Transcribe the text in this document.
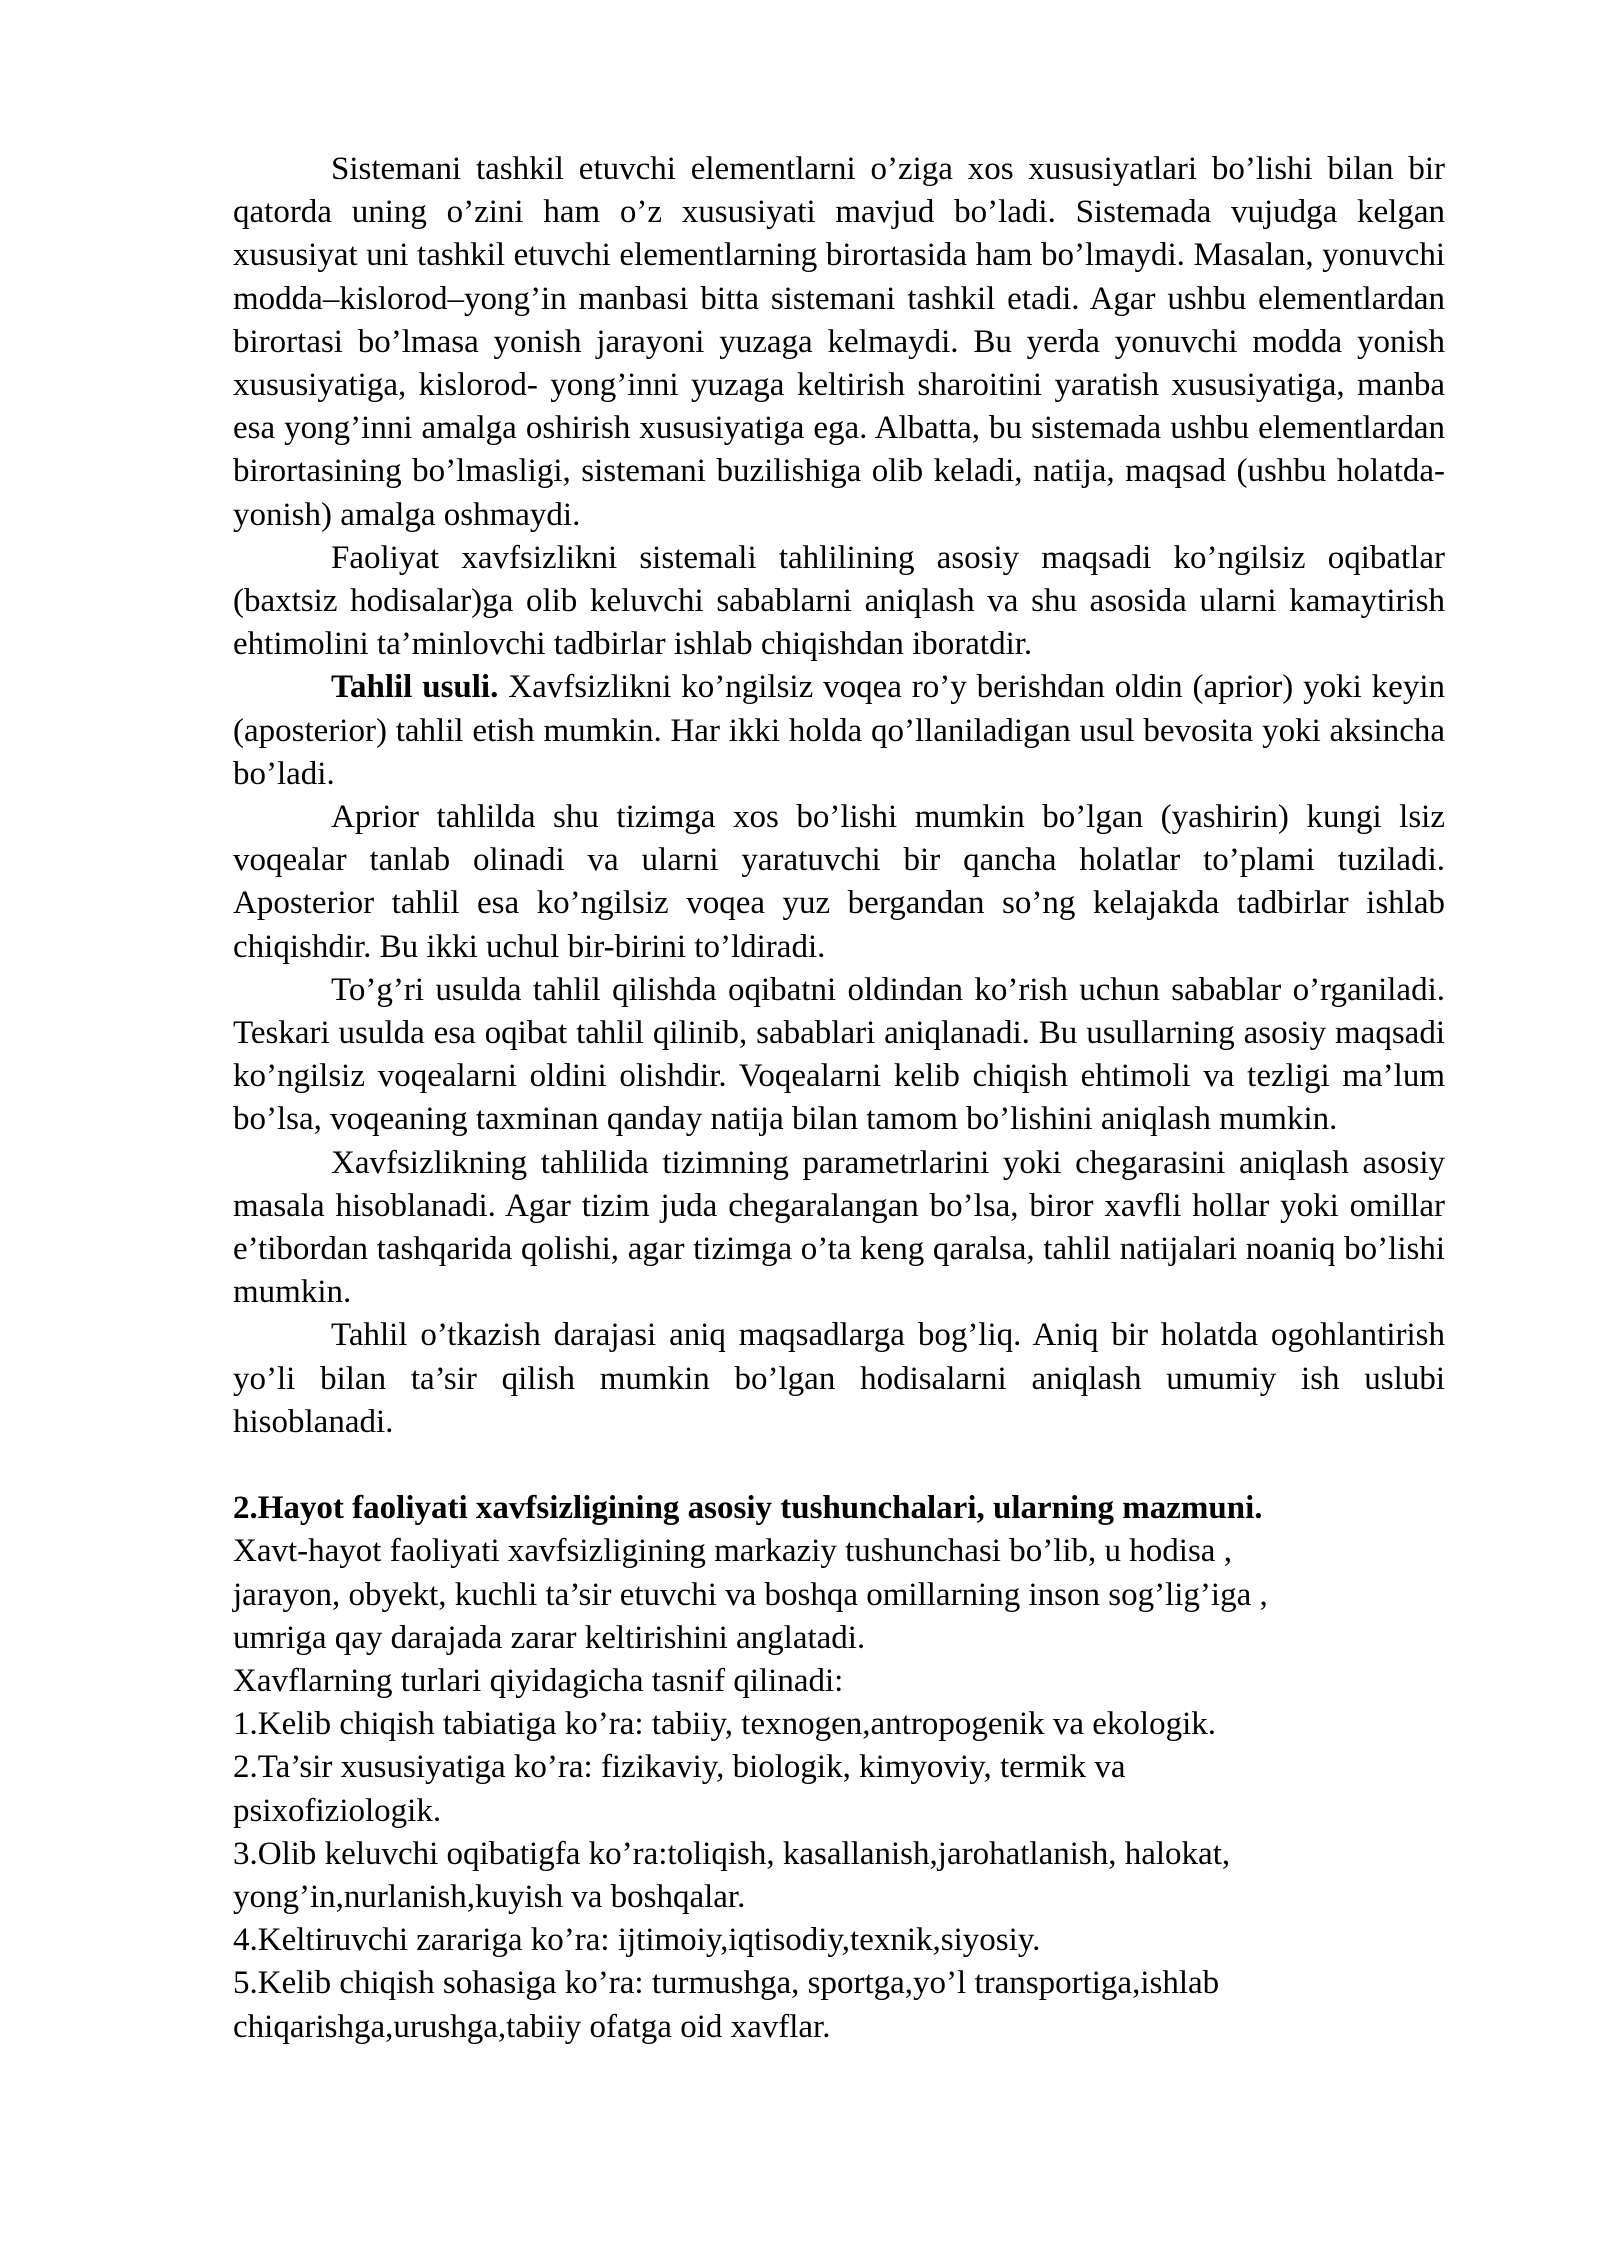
Sistemani tashkil etuvchi elementlarni o’ziga xos xususiyatlari bo’lishi bilan bir qatorda uning o’zini ham o’z xususiyati mavjud bo’ladi. Sistemada vujudga kelgan xususiyat uni tashkil etuvchi elementlarning birortasida ham bo’lmaydi. Masalan, yonuvchi modda–kislorod–yong’in manbasi bitta sistemani tashkil etadi. Agar ushbu elementlardan birortasi bo’lmasa yonish jarayoni yuzaga kelmaydi. Bu yerda yonuvchi modda yonish xususiyatiga, kislorod- yong’inni yuzaga keltirish sharoitini yaratish xususiyatiga, manba esa yong’inni amalga oshirish xususiyatiga ega. Albatta, bu sistemada ushbu elementlardan birortasining bo’lmasligi, sistemani buzilishiga olib keladi, natija, maqsad (ushbu holatda-yonish) amalga oshmaydi.

Faoliyat xavfsizlikni sistemali tahlilining asosiy maqsadi ko’ngilsiz oqibatlar (baxtsiz hodisalar)ga olib keluvchi sabablarni aniqlash va shu asosida ularni kamaytirish ehtimolini ta’minlovchi tadbirlar ishlab chiqishdan iboratdir.

Tahlil usuli. Xavfsizlikni ko’ngilsiz voqea ro’y berishdan oldin (aprior) yoki keyin (aposterior) tahlil etish mumkin. Har ikki holda qo’llaniladigan usul bevosita yoki aksincha bo’ladi.

Aprior tahlilda shu tizimga xos bo’lishi mumkin bo’lgan (yashirin) kungi lsiz voqealar tanlab olinadi va ularni yaratuvchi bir qancha holatlar to’plami tuziladi. Aposterior tahlil esa ko’ngilsiz voqea yuz bergandan so’ng kelajakda tadbirlar ishlab chiqishdir. Bu ikki uchul bir-birini to’ldiradi.

To’g’ri usulda tahlil qilishda oqibatni oldindan ko’rish uchun sabablar o’rganiladi. Teskari usulda esa oqibat tahlil qilinib, sabablari aniqlanadi. Bu usullarning asosiy maqsadi ko’ngilsiz voqealarni oldini olishdir. Voqealarni kelib chiqish ehtimoli va tezligi ma’lum bo’lsa, voqeaning taxminan qanday natija bilan tamom bo’lishini aniqlash mumkin.

Xavfsizlikning tahlilida tizimning parametrlarini yoki chegarasini aniqlash asosiy masala hisoblanadi. Agar tizim juda chegaralangan bo’lsa, biror xavfli hollar yoki omillar e’tibordan tashqarida qolishi, agar tizimga o’ta keng qaralsa, tahlil natijalari noaniq bo’lishi mumkin.

Tahlil o’tkazish darajasi aniq maqsadlarga bog’liq. Aniq bir holatda ogohlantirish yo’li bilan ta’sir qilish mumkin bo’lgan hodisalarni aniqlash umumiy ish uslubi hisoblanadi.

2.Hayot faoliyati xavfsizligining asosiy tushunchalari, ularning mazmuni.

Xavt-hayot faoliyati xavfsizligining markaziy tushunchasi bo’lib, u hodisa ,

jarayon, obyekt, kuchli ta’sir etuvchi va boshqa omillarning inson sog’lig’iga ,

umriga qay darajada zarar keltirishini anglatadi.

Xavflarning turlari qiyidagicha tasnif qilinadi:

1.Kelib chiqish tabiatiga ko’ra: tabiiy, texnogen,antropogenik va ekologik.

2.Ta’sir xususiyatiga ko’ra: fizikaviy, biologik, kimyoviy, termik va

psixofiziologik.

3.Olib keluvchi oqibatigfa ko’ra:toliqish, kasallanish,jarohatlanish, halokat,

yong’in,nurlanish,kuyish va boshqalar.

4.Keltiruvchi zarariga ko’ra: ijtimoiy,iqtisodiy,texnik,siyosiy.

5.Kelib chiqish sohasiga ko’ra: turmushga, sportga,yo’l transportiga,ishlab

chiqarishga,urushga,tabiiy ofatga oid xavflar.
